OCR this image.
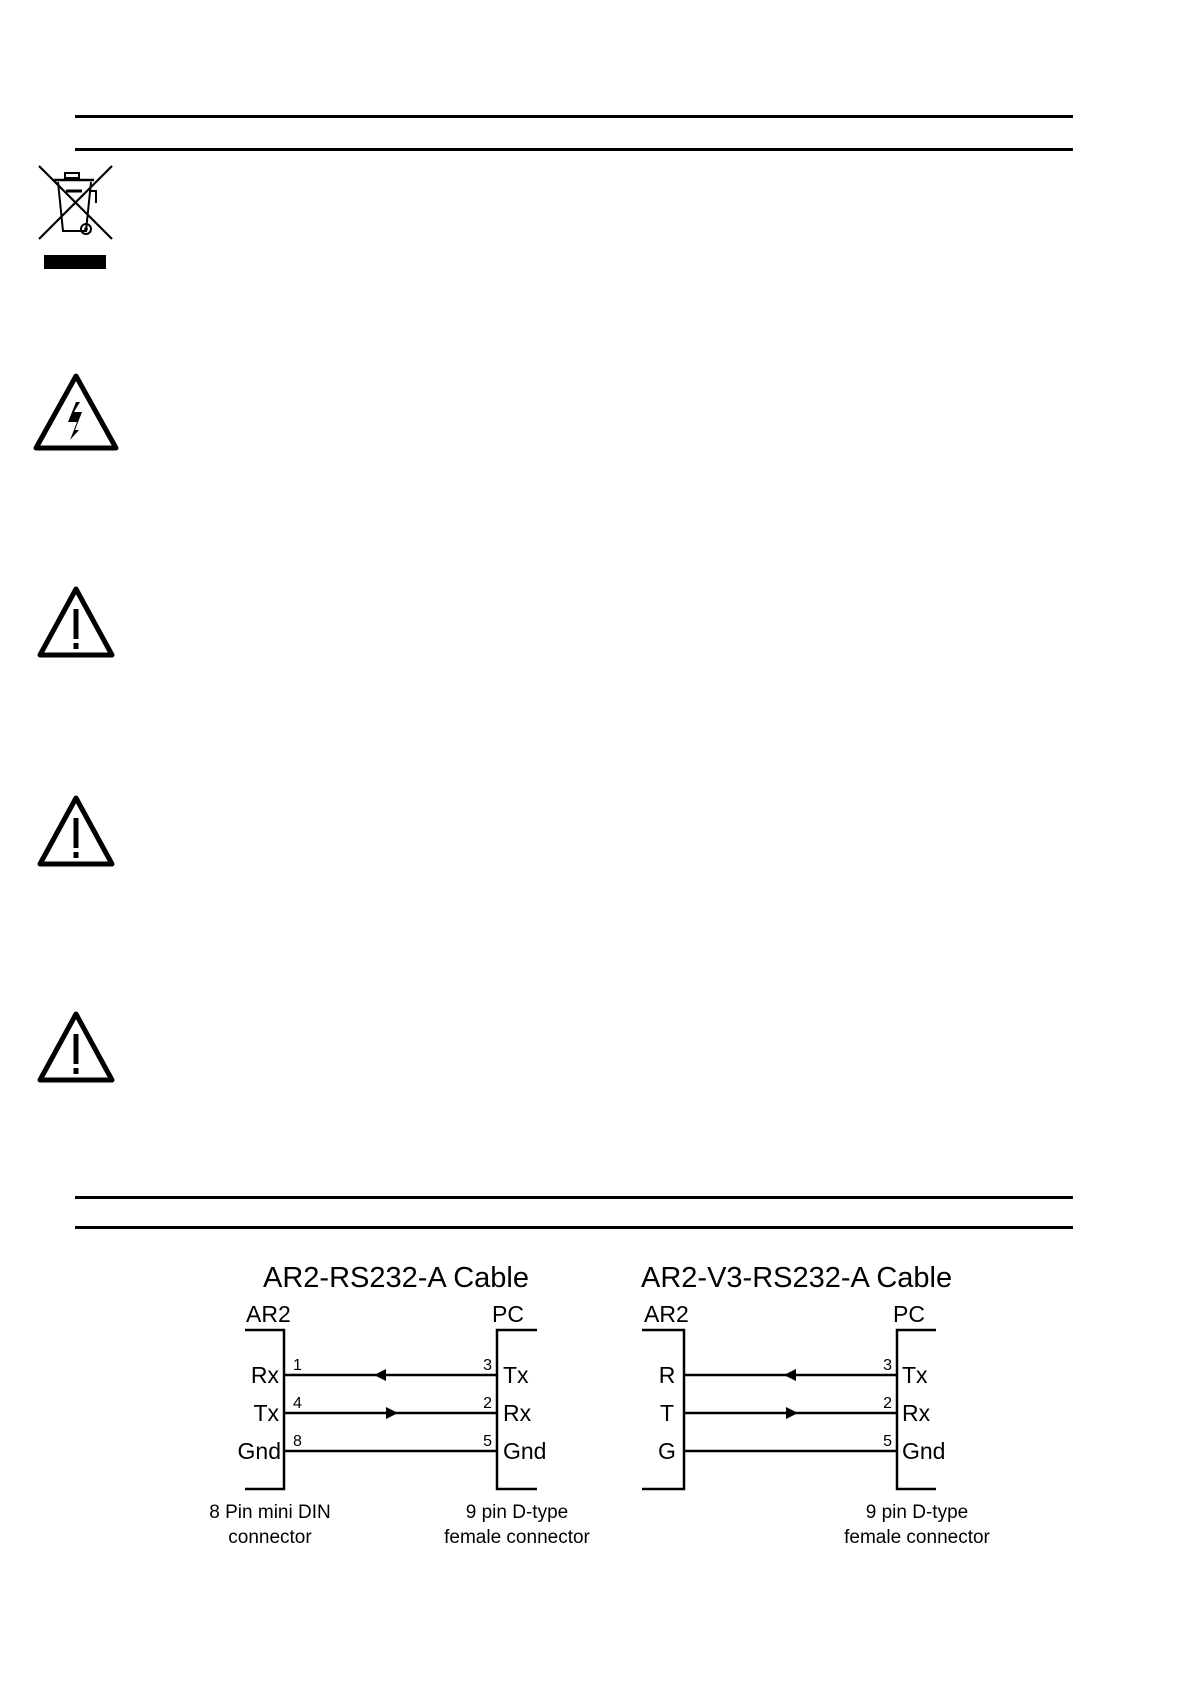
AR2-RS232-A Cable
AR2	PC
Rx
Tx
Gnd
1
4
8
3
2
5
Tx
Rx
Gnd
8 Pin mini DIN
connector
9 pin D-type
female connector
AR2-V3-RS232-A Cable
AR2	PC
R
T
G
3
2
5
Tx
Rx
Gnd
9 pin D-type
female connector
